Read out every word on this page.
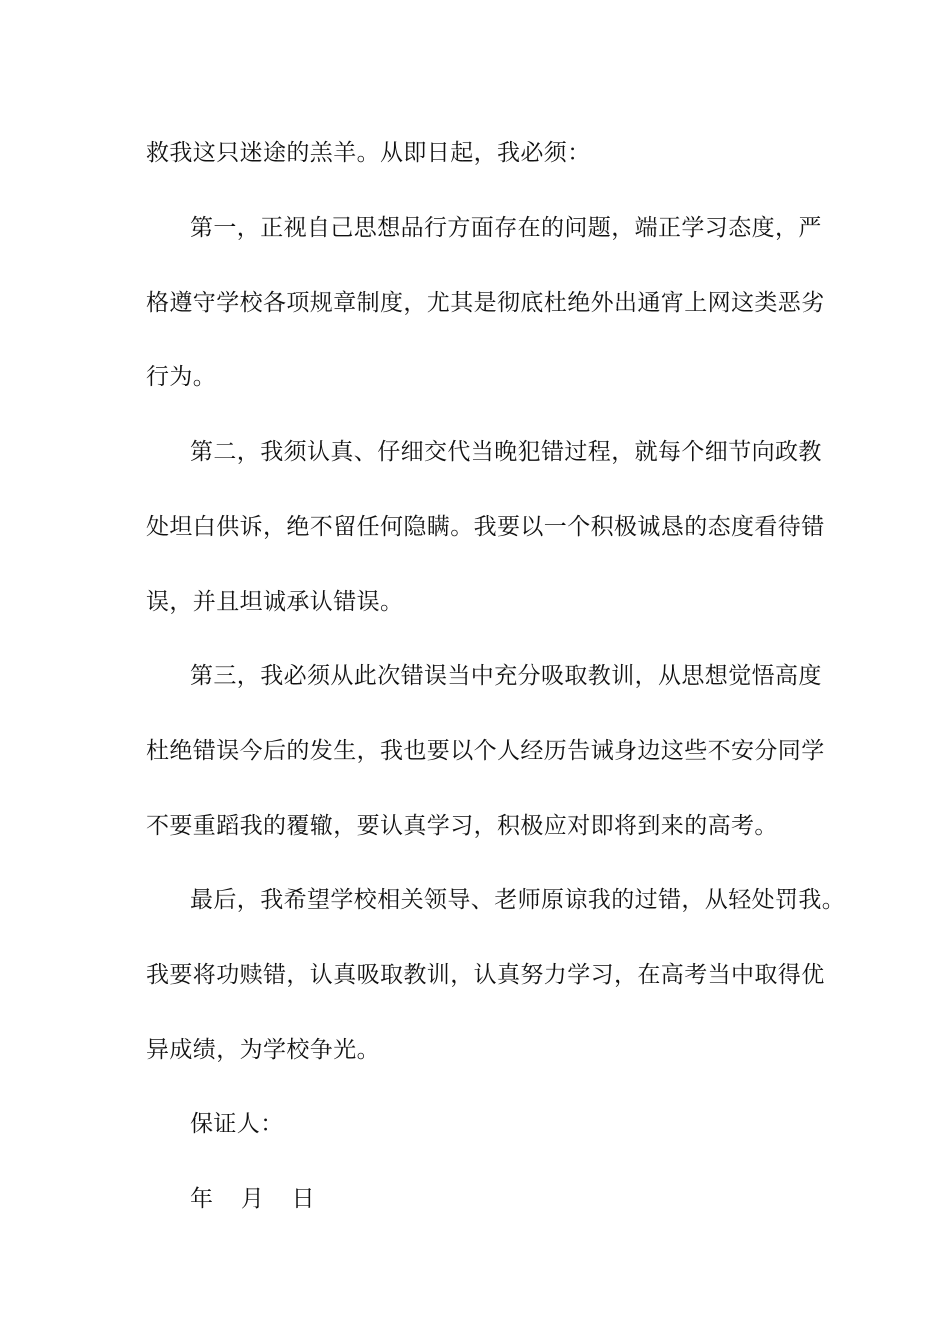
救我这只迷途的羔羊。从即日起，我必须：

第一，正视自己思想品行方面存在的问题，端正学习态度，严

格遵守学校各项规章制度，尤其是彻底杜绝外出通宵上网这类恶劣

行为。

第二，我须认真、仔细交代当晚犯错过程，就每个细节向政教

处坦白供诉，绝不留任何隐瞒。我要以一个积极诚恳的态度看待错

误，并且坦诚承认错误。

第三，我必须从此次错误当中充分吸取教训，从思想觉悟高度

杜绝错误今后的发生，我也要以个人经历告诫身边这些不安分同学

不要重蹈我的覆辙，要认真学习，积极应对即将到来的高考。

最后，我希望学校相关领导、老师原谅我的过错，从轻处罚我。

我要将功赎错，认真吸取教训，认真努力学习，在高考当中取得优

异成绩，为学校争光。

保证人：

年  月  日
